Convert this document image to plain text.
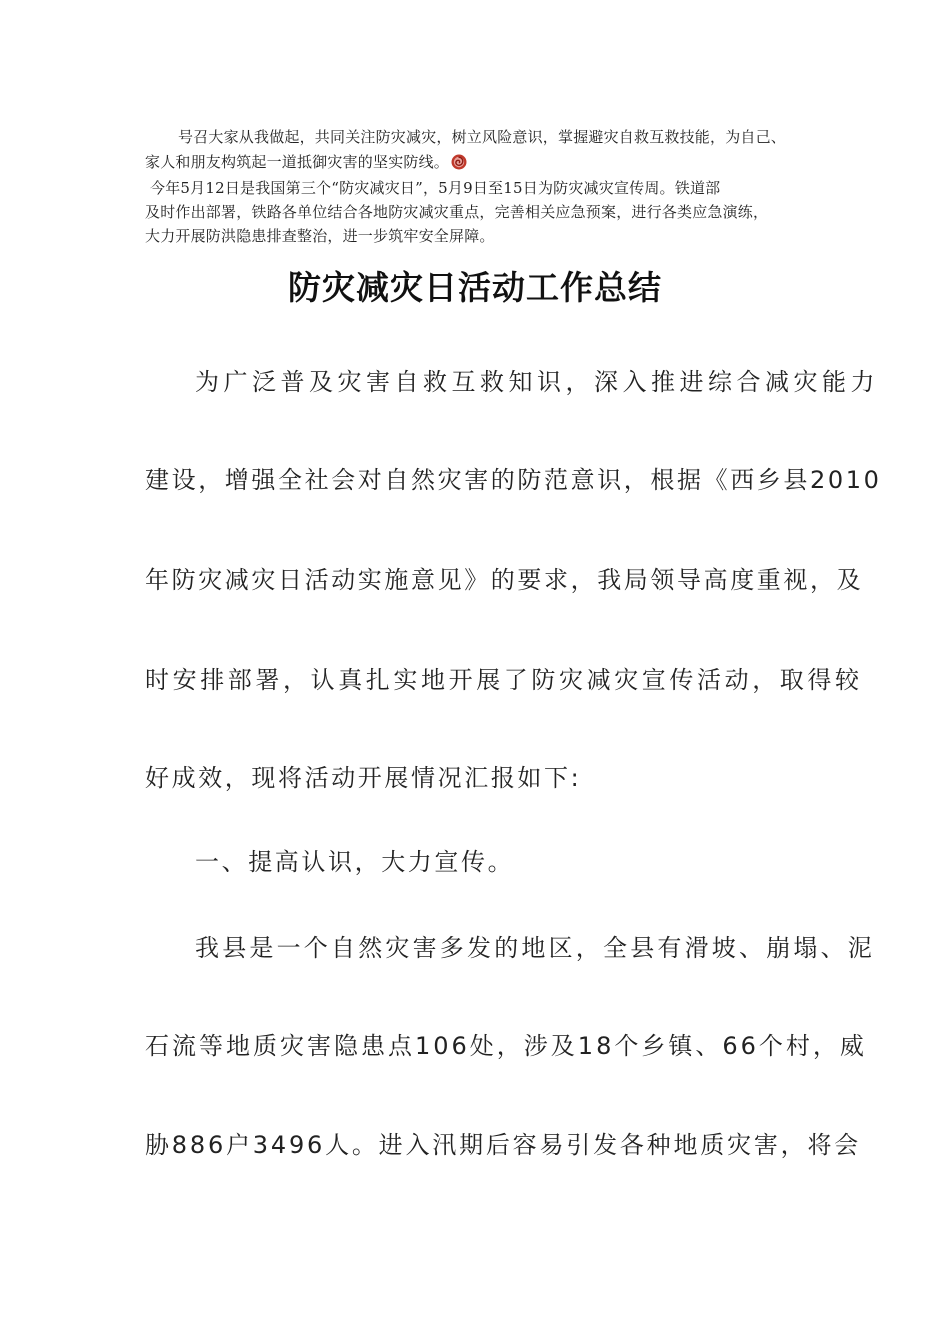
号召大家从我做起，共同关注防灾减灾，树立风险意识，掌握避灾自救互救技能，为自己、
家人和朋友构筑起一道抵御灾害的坚实防线。
今年5月12日是我国第三个“防灾减灾日”，5月9日至15日为防灾减灾宣传周。铁道部
及时作出部署，铁路各单位结合各地防灾减灾重点，完善相关应急预案，进行各类应急演练，
大力开展防洪隐患排查整治，进一步筑牢安全屏障。
防灾减灾日活动工作总结
为广泛普及灾害自救互救知识，深入推进综合减灾能力
建设，增强全社会对自然灾害的防范意识，根据《西乡县2010
年防灾减灾日活动实施意见》的要求，我局领导高度重视，及
时安排部署，认真扎实地开展了防灾减灾宣传活动，取得较
好成效，现将活动开展情况汇报如下:
一、提高认识，大力宣传。
我县是一个自然灾害多发的地区，全县有滑坡、崩塌、泥
石流等地质灾害隐患点106处，涉及18个乡镇、66个村，威
胁886户3496人。进入汛期后容易引发各种地质灾害，将会
